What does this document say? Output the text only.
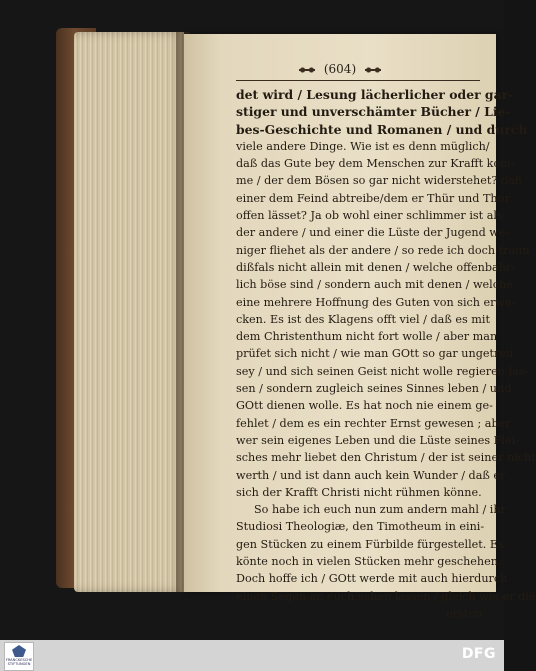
(604)
det wird / Lesung lächerlicher oder gar-
stiger und unverschämter Bücher / Lie-
bes-Geschichte und Romanen / und durch
viele andere Dinge. Wie ist es denn müglich/
daß das Gute bey dem Menschen zur Krafft kom-
me / der dem Bösen so gar nicht widerstehet? daß
einer dem Feind abtreibe/dem er Thür und Thor
offen lässet? Ja ob wohl einer schlimmer ist als
der andere / und einer die Lüste der Jugend we-
niger fliehet als der andere / so rede ich doch traun
dißfals nicht allein mit denen / welche offenbahr-
lich böse sind / sondern auch mit denen / welche
eine mehrere Hoffnung des Guten von sich erwe-
cken. Es ist des Klagens offt viel / daß es mit
dem Christenthum nicht fort wolle / aber man
prüfet sich nicht / wie man GOtt so gar ungetreu
sey / und sich seinen Geist nicht wolle regieren las-
sen / sondern zugleich seines Sinnes leben / und
GOtt dienen wolle. Es hat noch nie einem ge-
fehlet / dem es ein rechter Ernst gewesen ; aber
wer sein eigenes Leben und die Lüste seines Flei-
sches mehr liebet den Christum / der ist seiner nicht
werth / und ist dann auch kein Wunder / daß er
sich der Krafft Christi nicht rühmen könne.
So habe ich euch nun zum andern mahl / ihr
Studiosi Theologiæ, den Timotheum in eini-
gen Stücken zu einem Fürbilde fürgestellet. Es
könte noch in vielen Stücken mehr geschehen.
Doch hoffe ich / GOtt werde mit auch hierdurch
einen Segen an euch sehen lassen / gleich wie er die
ersten
FRANCKESCHE STIFTUNGEN
DFG
